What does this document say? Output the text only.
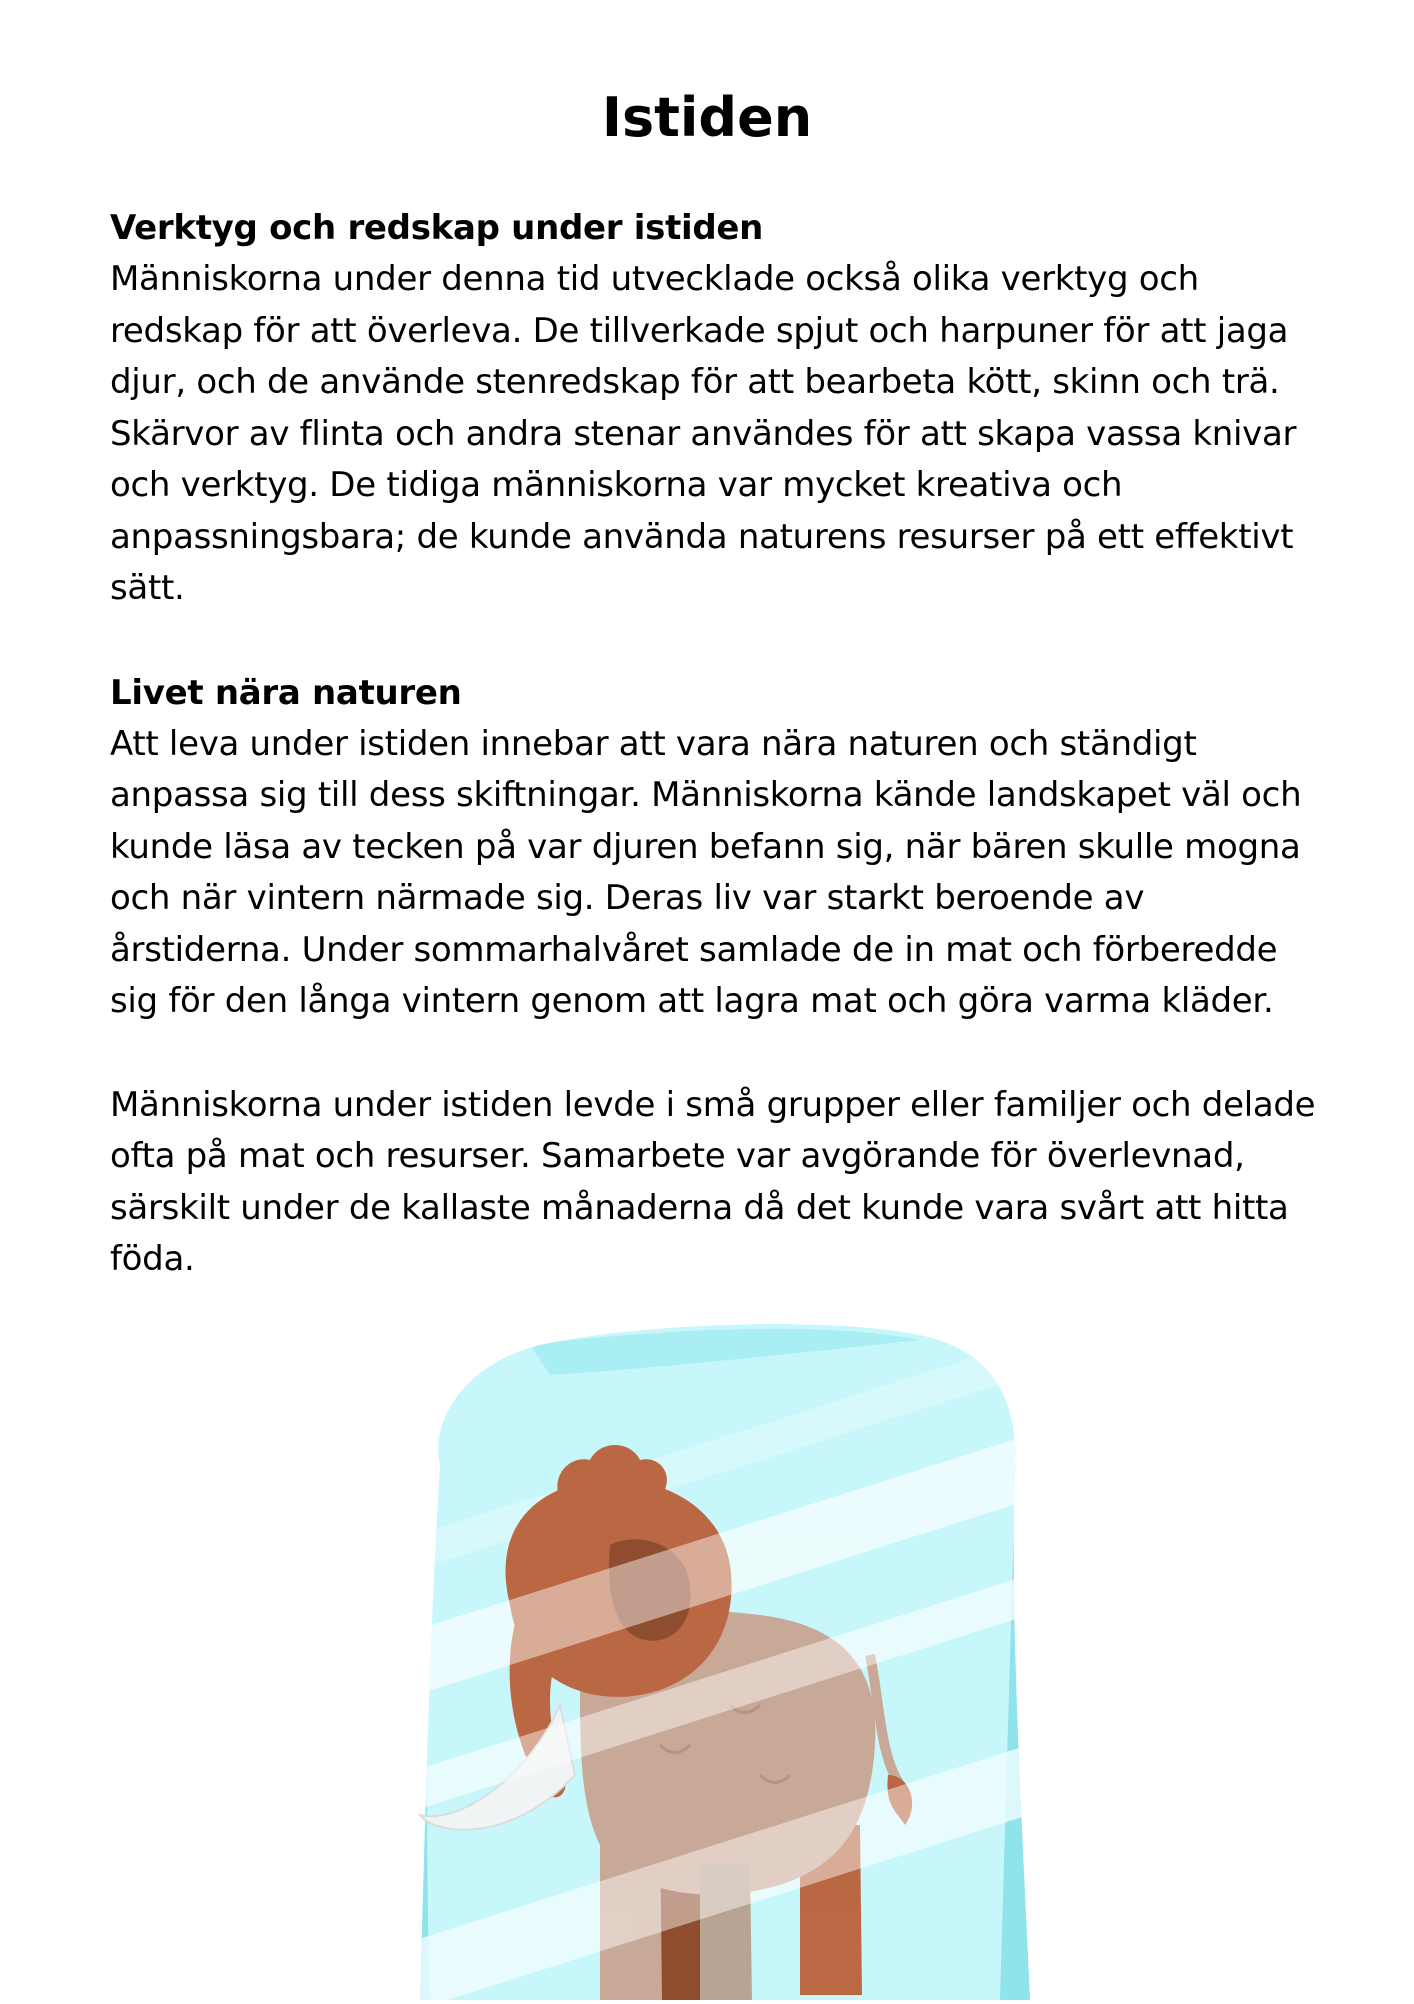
Istiden

Verktyg och redskap under istiden

Människorna under denna tid utvecklade också olika verktyg och redskap för att överleva. De tillverkade spjut och harpuner för att jaga djur, och de använde stenredskap för att bearbeta kött, skinn och trä. Skärvor av flinta och andra stenar användes för att skapa vassa knivar och verktyg. De tidiga människorna var mycket kreativa och anpassningsbara; de kunde använda naturens resurser på ett effektivt sätt.

Livet nära naturen

Att leva under istiden innebar att vara nära naturen och ständigt anpassa sig till dess skiftningar. Människorna kände landskapet väl och kunde läsa av tecken på var djuren befann sig, när bären skulle mogna och när vintern närmade sig. Deras liv var starkt beroende av årstiderna. Under sommarhalvåret samlade de in mat och förberedde sig för den långa vintern genom att lagra mat och göra varma kläder.

Människorna under istiden levde i små grupper eller familjer och delade ofta på mat och resurser. Samarbete var avgörande för överlevnad, särskilt under de kallaste månaderna då det kunde vara svårt att hitta föda.
